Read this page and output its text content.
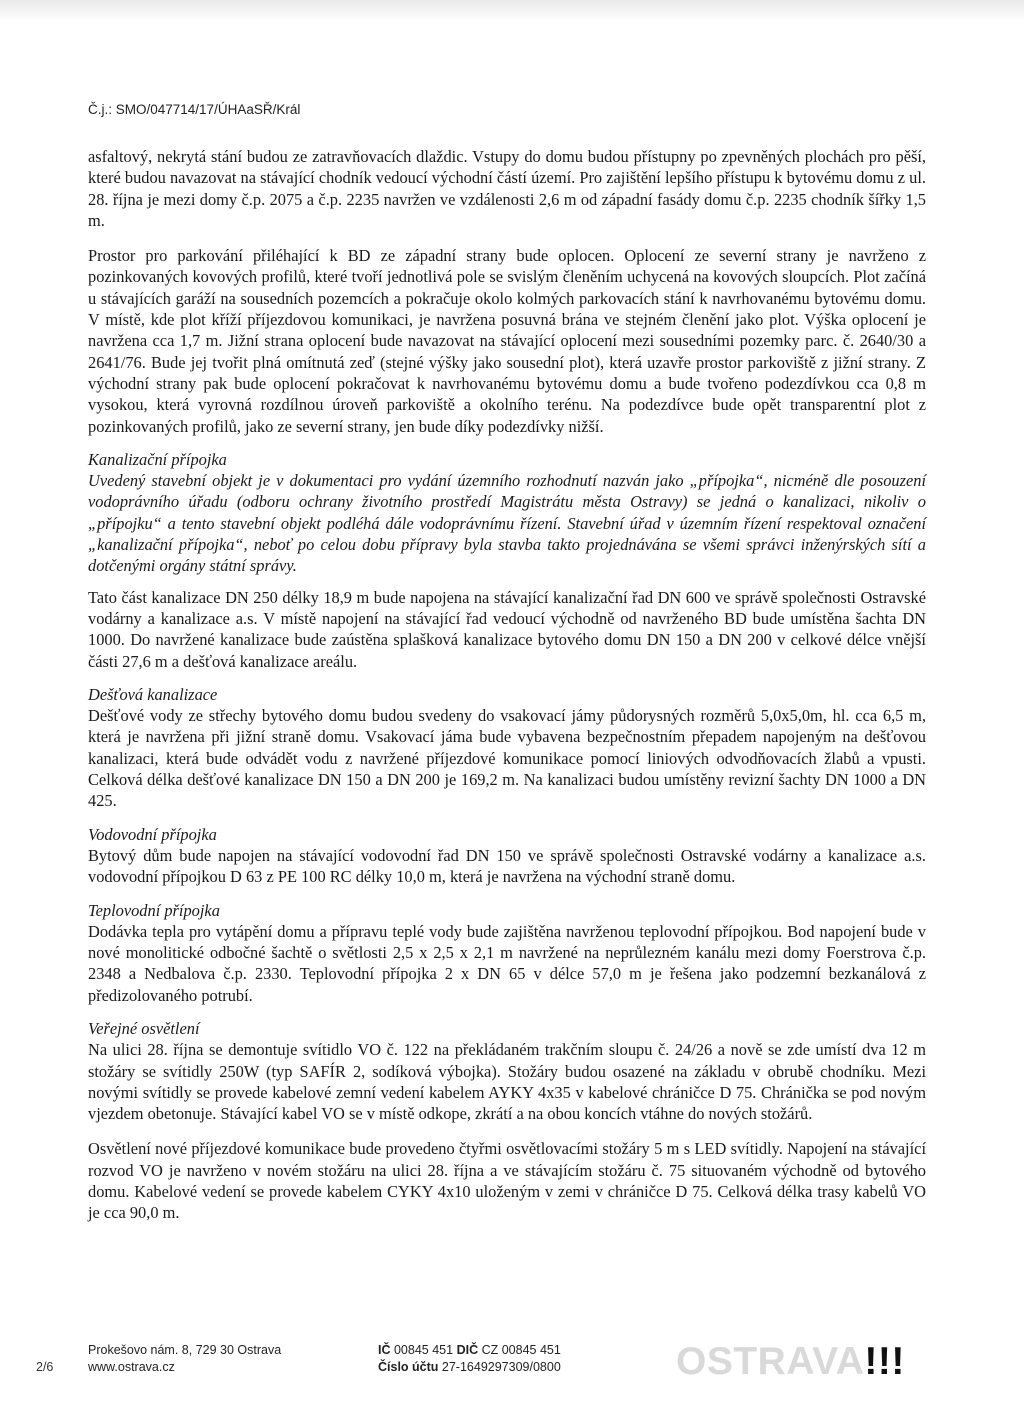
Č.j.: SMO/047714/17/ÚHAaSŘ/Král

asfaltový, nekrytá stání budou ze zatravňovacích dlaždic. Vstupy do domu budou přístupny po zpevněných plochách pro pěší, které budou navazovat na stávající chodník vedoucí východní částí území. Pro zajištění lepšího přístupu k bytovému domu z ul. 28. října je mezi domy č.p. 2075 a č.p. 2235 navržen ve vzdálenosti 2,6 m od západní fasády domu č.p. 2235 chodník šířky 1,5 m.

Prostor pro parkování přiléhající k BD ze západní strany bude oplocen. Oplocení ze severní strany je navrženo z pozinkovaných kovových profilů, které tvoří jednotlivá pole se svislým členěním uchycená na kovových sloupcích. Plot začíná u stávajících garáží na sousedních pozemcích a pokračuje okolo kolmých parkovacích stání k navrhovanému bytovému domu. V místě, kde plot kříží příjezdovou komunikaci, je navržena posuvná brána ve stejném členění jako plot. Výška oplocení je navržena cca 1,7 m. Jižní strana oplocení bude navazovat na stávající oplocení mezi sousedními pozemky parc. č. 2640/30 a 2641/76. Bude jej tvořit plná omítnutá zeď (stejné výšky jako sousední plot), která uzavře prostor parkoviště z jižní strany. Z východní strany pak bude oplocení pokračovat k navrhovanému bytovému domu a bude tvořeno podezdívkou cca 0,8 m vysokou, která vyrovná rozdílnou úroveň parkoviště a okolního terénu. Na podezdívce bude opět transparentní plot z pozinkovaných profilů, jako ze severní strany, jen bude díky podezdívky nižší.

Kanalizační přípojka

Uvedený stavební objekt je v dokumentaci pro vydání územního rozhodnutí nazván jako „přípojka“, nicméně dle posouzení vodoprávního úřadu (odboru ochrany životního prostředí Magistrátu města Ostravy) se jedná o kanalizaci, nikoliv o „přípojku“ a tento stavební objekt podléhá dále vodoprávnímu řízení. Stavební úřad v územním řízení respektoval označení „kanalizační přípojka“, neboť po celou dobu přípravy byla stavba takto projednávána se všemi správci inženýrských sítí a dotčenými orgány státní správy.

Tato část kanalizace DN 250 délky 18,9 m bude napojena na stávající kanalizační řad DN 600 ve správě společnosti Ostravské vodárny a kanalizace a.s. V místě napojení na stávající řad vedoucí východně od navrženého BD bude umístěna šachta DN 1000. Do navržené kanalizace bude zaústěna splašková kanalizace bytového domu DN 150 a DN 200 v celkové délce vnější části 27,6 m a dešťová kanalizace areálu.

Dešťová kanalizace

Dešťové vody ze střechy bytového domu budou svedeny do vsakovací jámy půdorysných rozměrů 5,0x5,0m, hl. cca 6,5 m, která je navržena při jižní straně domu. Vsakovací jáma bude vybavena bezpečnostním přepadem napojeným na dešťovou kanalizaci, která bude odvádět vodu z navržené příjezdové komunikace pomocí liniových odvodňovacích žlabů a vpusti. Celková délka dešťové kanalizace DN 150 a DN 200 je 169,2 m. Na kanalizaci budou umístěny revizní šachty DN 1000 a DN 425.

Vodovodní přípojka

Bytový dům bude napojen na stávající vodovodní řad DN 150 ve správě společnosti Ostravské vodárny a kanalizace a.s. vodovodní přípojkou D 63 z PE 100 RC délky 10,0 m, která je navržena na východní straně domu.

Teplovodní přípojka

Dodávka tepla pro vytápění domu a přípravu teplé vody bude zajištěna navrženou teplovodní přípojkou. Bod napojení bude v nové monolitické odbočné šachtě o světlosti 2,5 x 2,5 x 2,1 m navržené na neprůlezném kanálu mezi domy Foerstrova č.p. 2348 a Nedbalova č.p. 2330. Teplovodní přípojka 2 x DN 65 v délce 57,0 m je řešena jako podzemní bezkanálová z předizolovaného potrubí.

Veřejné osvětlení

Na ulici 28. října se demontuje svítidlo VO č. 122 na překládaném trakčním sloupu č. 24/26 a nově se zde umístí dva 12 m stožáry se svítidly 250W (typ SAFÍR 2, sodíková výbojka). Stožáry budou osazené na základu v obrubě chodníku. Mezi novými svítidly se provede kabelové zemní vedení kabelem AYKY 4x35 v kabelové chráničce D 75. Chránička se pod novým vjezdem obetonuje. Stávající kabel VO se v místě odkope, zkrátí a na obou koncích vtáhne do nových stožárů.

Osvětlení nové příjezdové komunikace bude provedeno čtyřmi osvětlovacími stožáry 5 m s LED svítidly. Napojení na stávající rozvod VO je navrženo v novém stožáru na ulici 28. října a ve stávajícím stožáru č. 75 situovaném východně od bytového domu. Kabelové vedení se provede kabelem CYKY 4x10 uloženým v zemi v chráničce D 75. Celková délka trasy kabelů VO je cca 90,0 m.

2/6
Prokešovo nám. 8, 729 30 Ostrava
www.ostrava.cz
IČ 00845 451 DIČ CZ 00845 451
Číslo účtu 27-1649297309/0800	OSTRAVA!!!
